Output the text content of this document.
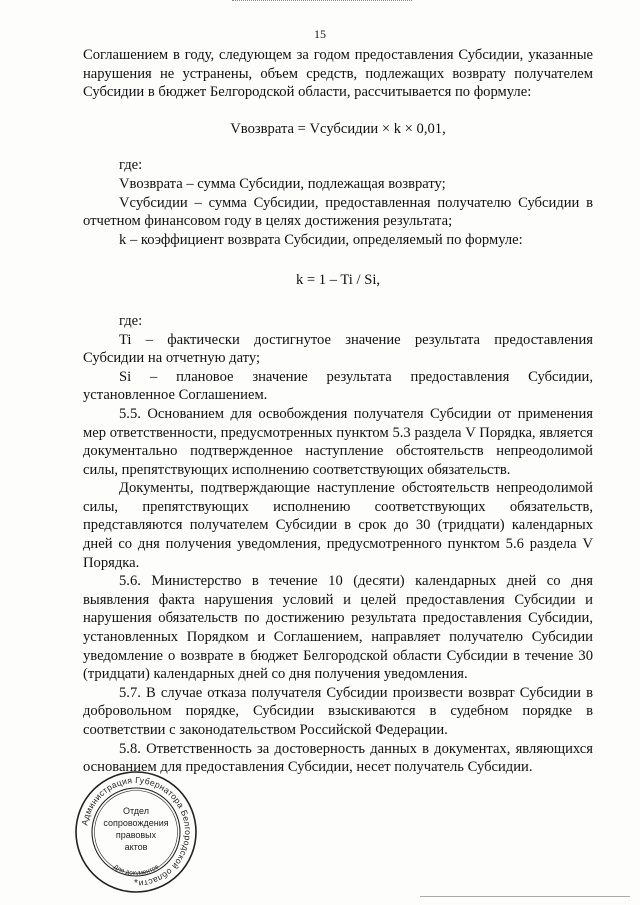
15

Соглашением в году, следующем за годом предоставления Субсидии, указанные нарушения не устранены, объем средств, подлежащих возврату получателем Субсидии в бюджет Белгородской области, рассчитывается по формуле:

Vвозврата = Vсубсидии × k × 0,01,

где:

Vвозврата – сумма Субсидии, подлежащая возврату;

Vсубсидии – сумма Субсидии, предоставленная получателю Субсидии в отчетном финансовом году в целях достижения результата;

k – коэффициент возврата Субсидии, определяемый по формуле:

k = 1 – Ti / Si,

где:

Ti – фактически достигнутое значение результата предоставления Субсидии на отчетную дату;

Si – плановое значение результата предоставления Субсидии, установленное Соглашением.

5.5. Основанием для освобождения получателя Субсидии от применения мер ответственности, предусмотренных пунктом 5.3 раздела V Порядка, является документально подтвержденное наступление обстоятельств непреодолимой силы, препятствующих исполнению соответствующих обязательств.

Документы, подтверждающие наступление обстоятельств непреодолимой силы, препятствующих исполнению соответствующих обязательств, представляются получателем Субсидии в срок до 30 (тридцати) календарных дней со дня получения уведомления, предусмотренного пунктом 5.6 раздела V Порядка.

5.6. Министерство в течение 10 (десяти) календарных дней со дня выявления факта нарушения условий и целей предоставления Субсидии и нарушения обязательств по достижению результата предоставления Субсидии, установленных Порядком и Соглашением, направляет получателю Субсидии уведомление о возврате в бюджет Белгородской области Субсидии в течение 30 (тридцати) календарных дней со дня получения уведомления.

5.7. В случае отказа получателя Субсидии произвести возврат Субсидии в добровольном порядке, Субсидии взыскиваются в судебном порядке в соответствии с законодательством Российской Федерации.

5.8. Ответственность за достоверность данных в документах, являющихся основанием для предоставления Субсидии, несет получатель Субсидии.

Администрация Губернатора Белгородской области
Отдел
сопровождения
правовых
актов
Для документов
*
